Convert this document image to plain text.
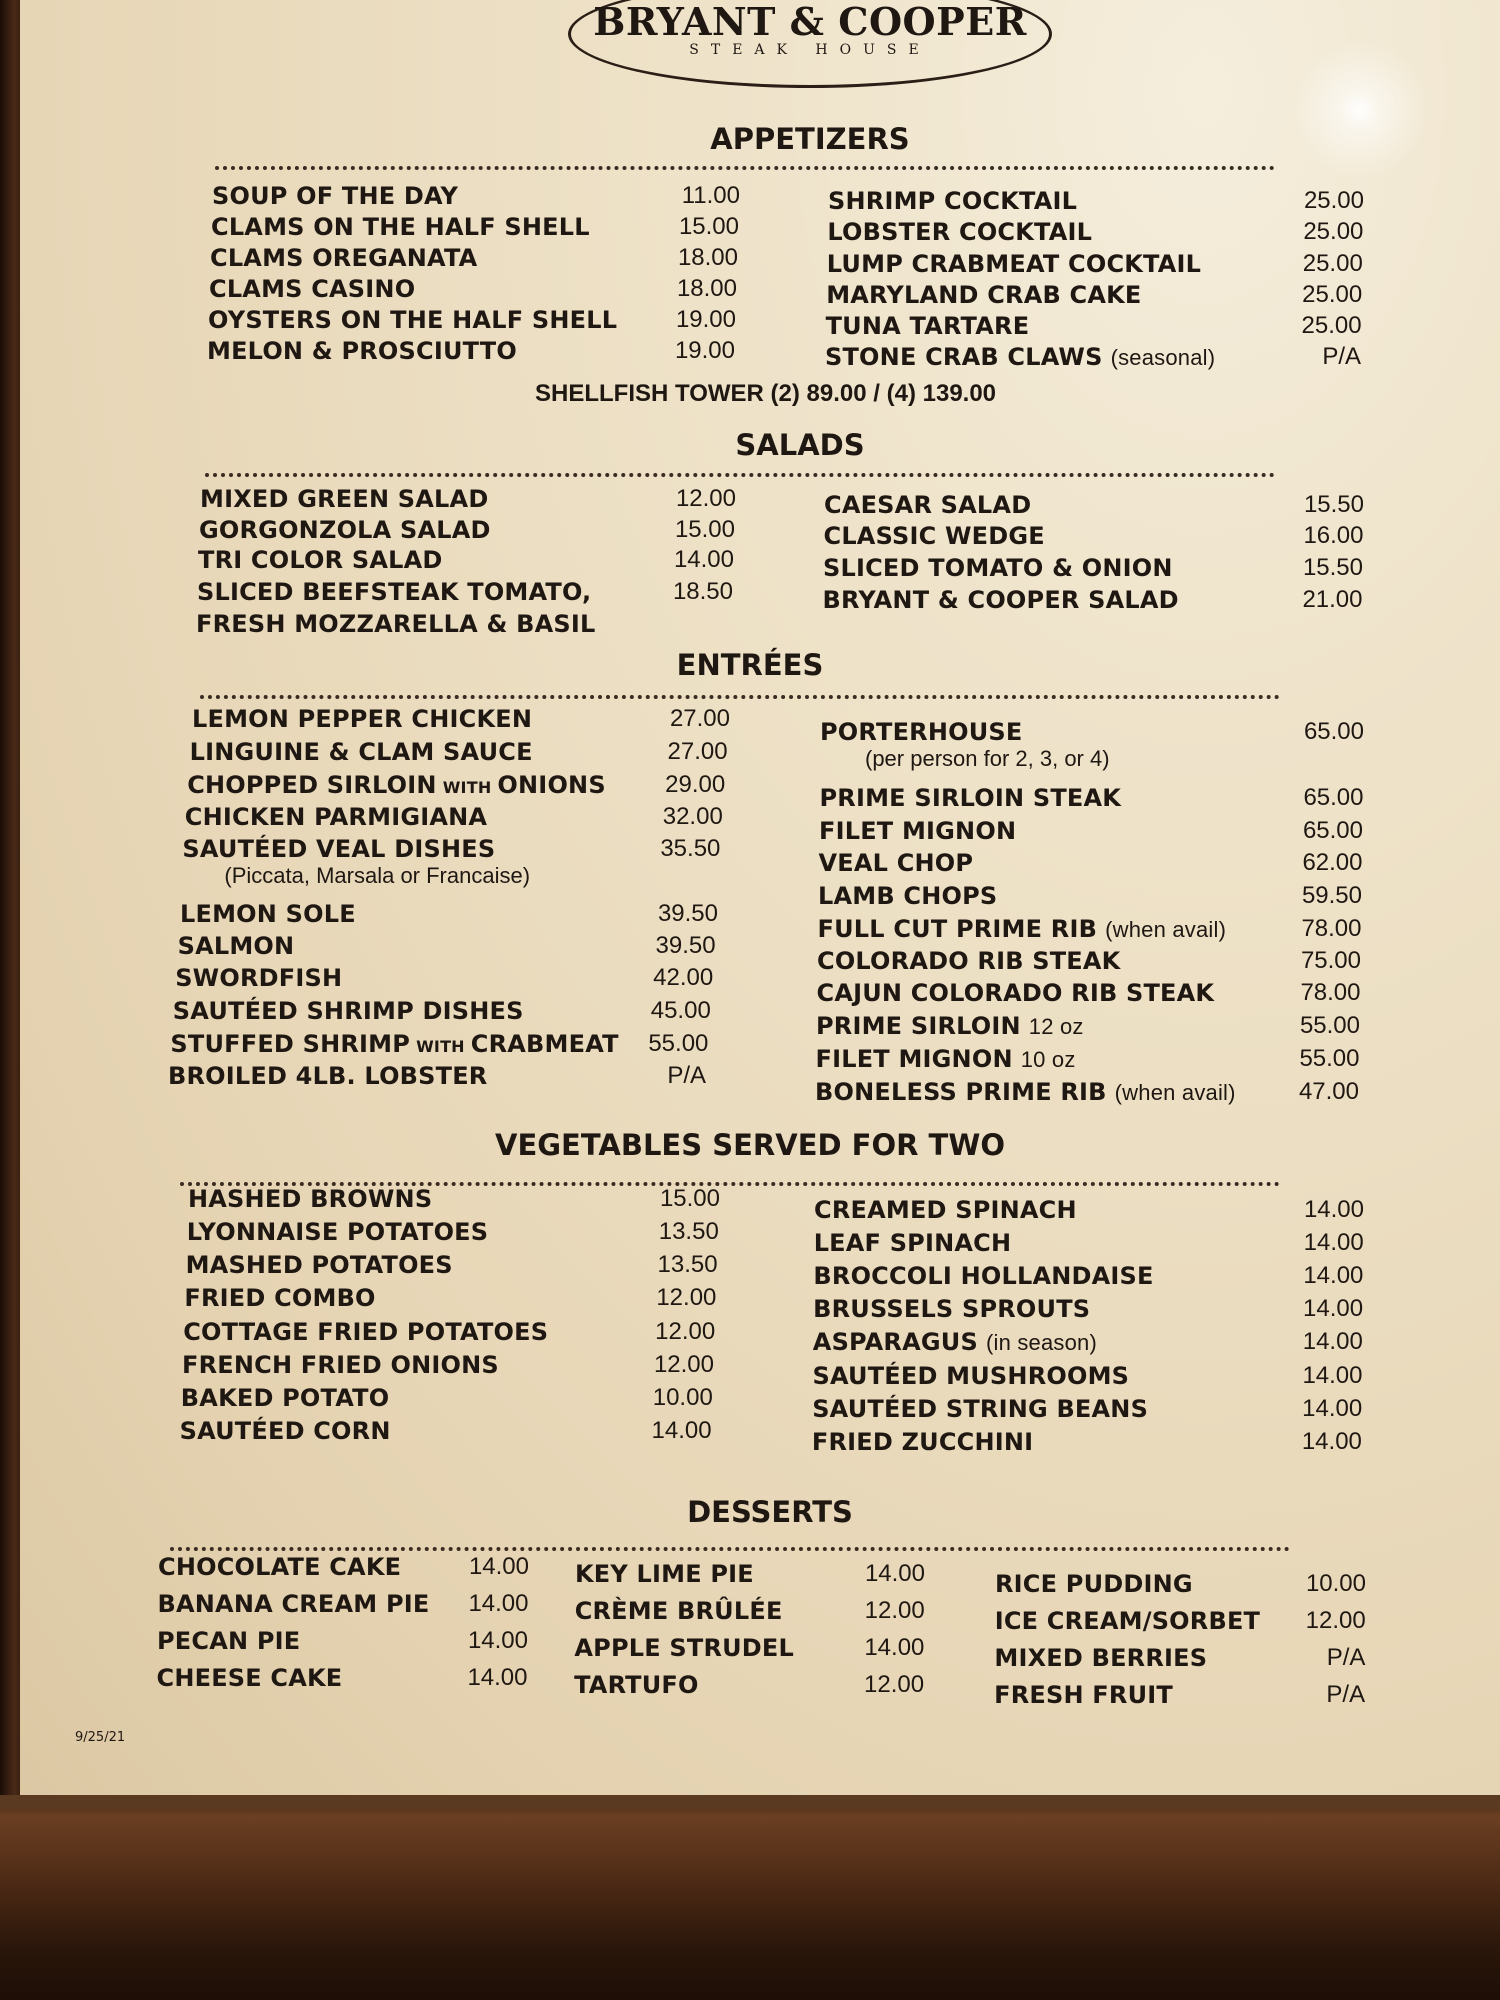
BRYANT & COOPER
STEAK HOUSE
APPETIZERS
SOUP OF THE DAY	11.00
CLAMS ON THE HALF SHELL	15.00
CLAMS OREGANATA	18.00
CLAMS CASINO	18.00
OYSTERS ON THE HALF SHELL	19.00
MELON & PROSCIUTTO	19.00
SHRIMP COCKTAIL	25.00
LOBSTER COCKTAIL	25.00
LUMP CRABMEAT COCKTAIL	25.00
MARYLAND CRAB CAKE	25.00
TUNA TARTARE	25.00
STONE CRAB CLAWS (seasonal)	P/A
SHELLFISH TOWER (2) 89.00 / (4) 139.00
SALADS
MIXED GREEN SALAD	12.00
GORGONZOLA SALAD	15.00
TRI COLOR SALAD	14.00
SLICED BEEFSTEAK TOMATO,	18.50
FRESH MOZZARELLA & BASIL
CAESAR SALAD	15.50
CLASSIC WEDGE	16.00
SLICED TOMATO & ONION	15.50
BRYANT & COOPER SALAD	21.00
ENTRÉES
LEMON PEPPER CHICKEN	27.00
LINGUINE & CLAM SAUCE	27.00
CHOPPED SIRLOIN WITH ONIONS	29.00
CHICKEN PARMIGIANA	32.00
SAUTÉED VEAL DISHES	35.50
(Piccata, Marsala or Francaise)
LEMON SOLE	39.50
SALMON	39.50
SWORDFISH	42.00
SAUTÉED SHRIMP DISHES	45.00
STUFFED SHRIMP WITH CRABMEAT	55.00
BROILED 4LB. LOBSTER	P/A
PORTERHOUSE	65.00
(per person for 2, 3, or 4)
PRIME SIRLOIN STEAK	65.00
FILET MIGNON	65.00
VEAL CHOP	62.00
LAMB CHOPS	59.50
FULL CUT PRIME RIB (when avail)	78.00
COLORADO RIB STEAK	75.00
CAJUN COLORADO RIB STEAK	78.00
PRIME SIRLOIN 12 oz	55.00
FILET MIGNON 10 oz	55.00
BONELESS PRIME RIB (when avail)	47.00
VEGETABLES SERVED FOR TWO
HASHED BROWNS	15.00
LYONNAISE POTATOES	13.50
MASHED POTATOES	13.50
FRIED COMBO	12.00
COTTAGE FRIED POTATOES	12.00
FRENCH FRIED ONIONS	12.00
BAKED POTATO	10.00
SAUTÉED CORN	14.00
CREAMED SPINACH	14.00
LEAF SPINACH	14.00
BROCCOLI HOLLANDAISE	14.00
BRUSSELS SPROUTS	14.00
ASPARAGUS (in season)	14.00
SAUTÉED MUSHROOMS	14.00
SAUTÉED STRING BEANS	14.00
FRIED ZUCCHINI	14.00
DESSERTS
CHOCOLATE CAKE	14.00
BANANA CREAM PIE	14.00
PECAN PIE	14.00
CHEESE CAKE	14.00
KEY LIME PIE	14.00
CRÈME BRÛLÉE	12.00
APPLE STRUDEL	14.00
TARTUFO	12.00
RICE PUDDING	10.00
ICE CREAM/SORBET	12.00
MIXED BERRIES	P/A
FRESH FRUIT	P/A
9/25/21
